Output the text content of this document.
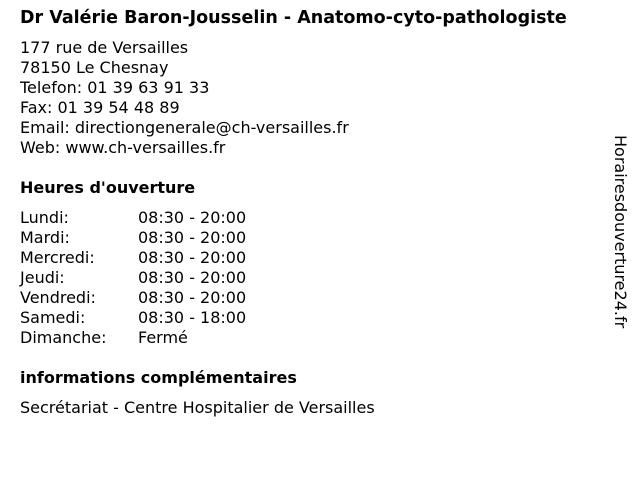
Dr Valérie Baron-Jousselin - Anatomo-cyto-pathologiste
177 rue de Versailles
78150 Le Chesnay
Telefon: 01 39 63 91 33
Fax: 01 39 54 48 89
Email: directiongenerale@ch-versailles.fr
Web: www.ch-versailles.fr
Heures d'ouverture
Lundi:	08:30 - 20:00
Mardi:	08:30 - 20:00
Mercredi:	08:30 - 20:00
Jeudi:	08:30 - 20:00
Vendredi:	08:30 - 20:00
Samedi:	08:30 - 18:00
Dimanche:	Fermé
informations complémentaires
Secrétariat - Centre Hospitalier de Versailles
Horairesdouverture24.fr
